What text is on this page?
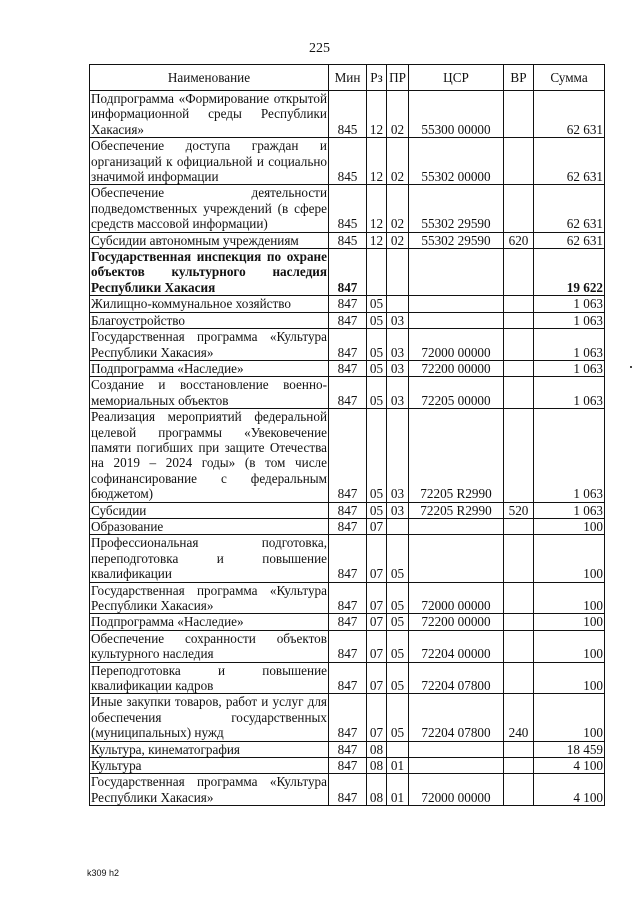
225
Наименование	Мин	Рз	ПР	ЦСР	ВР	Сумма
Подпрограмма «Формирование открытой информационной среды Республики Хакасия»	845	12	02	55300 00000		62 631
Обеспечение доступа граждан и организаций к официальной и социально значимой информации	845	12	02	55302 00000		62 631
Обеспечение деятельности подведомственных учреждений (в сфере средств массовой информации)	845	12	02	55302 29590		62 631
Субсидии автономным учреждениям	845	12	02	55302 29590	620	62 631
Государственная инспекция по охране объектов культурного наследия Республики Хакасия	847					19 622
Жилищно-коммунальное хозяйство	847	05				1 063
Благоустройство	847	05	03			1 063
Государственная программа «Культура Республики Хакасия»	847	05	03	72000 00000		1 063
Подпрограмма «Наследие»	847	05	03	72200 00000		1 063
Создание и восстановление военно-мемориальных объектов	847	05	03	72205 00000		1 063
Реализация мероприятий федеральной целевой программы «Увековечение памяти погибших при защите Отечества на 2019 – 2024 годы» (в том числе софинансирование с федеральным бюджетом)	847	05	03	72205 R2990		1 063
Субсидии	847	05	03	72205 R2990	520	1 063
Образование	847	07				100
Профессиональная подготовка, переподготовка и повышение квалификации	847	07	05			100
Государственная программа «Культура Республики Хакасия»	847	07	05	72000 00000		100
Подпрограмма «Наследие»	847	07	05	72200 00000		100
Обеспечение сохранности объектов культурного наследия	847	07	05	72204 00000		100
Переподготовка и повышение квалификации кадров	847	07	05	72204 07800		100
Иные закупки товаров, работ и услуг для обеспечения государственных (муниципальных) нужд	847	07	05	72204 07800	240	100
Культура, кинематография	847	08				18 459
Культура	847	08	01			4 100
Государственная программа «Культура Республики Хакасия»	847	08	01	72000 00000		4 100
k309 h2
